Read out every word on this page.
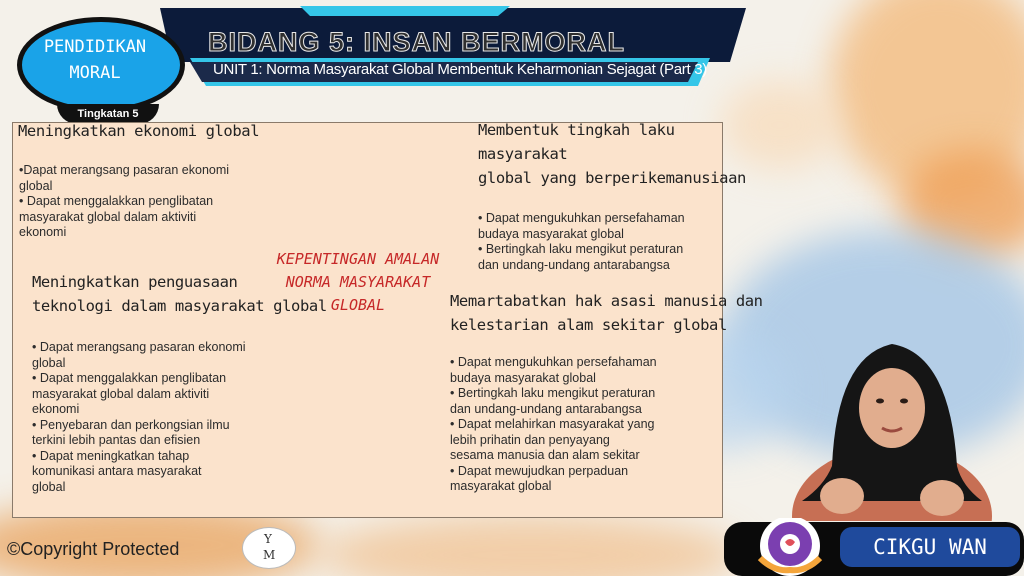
BIDANG 5: INSAN BERMORAL
UNIT 1: Norma Masyarakat Global Membentuk Keharmonian Sejagat (Part 3)
PENDIDIKAN
MORAL
Tingkatan 5
Meningkatkan ekonomi global
•Dapat merangsang pasaran ekonomi
global
• Dapat menggalakkan penglibatan
masyarakat global dalam aktiviti
ekonomi
Membentuk tingkah laku
masyarakat
global yang berperikemanusiaan
• Dapat mengukuhkan persefahaman
budaya masyarakat global
• Bertingkah laku mengikut peraturan
dan undang-undang antarabangsa
KEPENTINGAN AMALAN
NORMA MASYARAKAT
GLOBAL
Meningkatkan penguasaan
teknologi dalam masyarakat global
• Dapat merangsang pasaran ekonomi
global
• Dapat menggalakkan penglibatan
masyarakat global dalam aktiviti
ekonomi
• Penyebaran dan perkongsian ilmu
terkini lebih pantas dan efisien
• Dapat meningkatkan tahap
komunikasi antara masyarakat
global
Memartabatkan hak asasi manusia dan
kelestarian alam sekitar global
• Dapat mengukuhkan persefahaman
budaya masyarakat global
• Bertingkah laku mengikut peraturan
dan undang-undang antarabangsa
• Dapat melahirkan masyarakat yang
lebih prihatin dan penyayang
sesama manusia dan alam sekitar
• Dapat mewujudkan perpaduan
masyarakat global
CIKGU WAN
©Copyright Protected	Y
M
